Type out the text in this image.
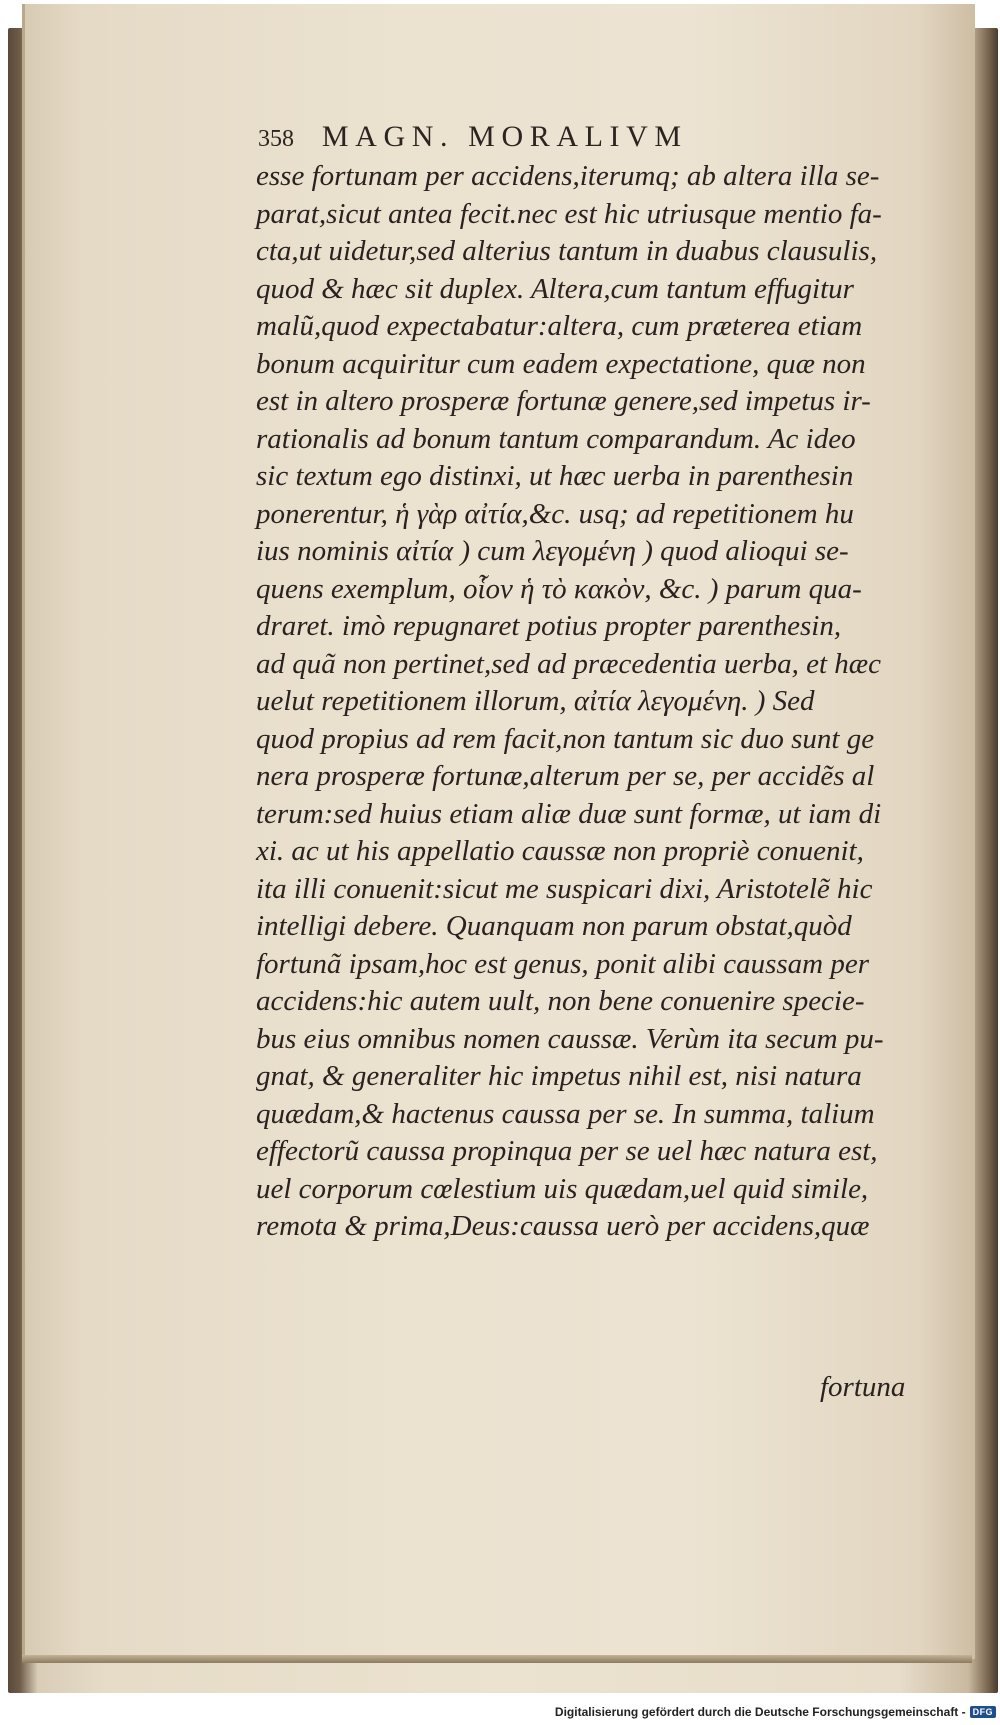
358 MAGN. MORALIVM
esse fortunam per accidens,iterumq; ab altera illa se-
parat,sicut antea fecit.nec est hic utriusque mentio fa-
cta,ut uidetur,sed alterius tantum in duabus clausulis,
quod & hæc sit duplex. Altera,cum tantum effugitur
malũ,quod expectabatur:altera, cum præterea etiam
bonum acquiritur cum eadem expectatione, quæ non
est in altero prosperæ fortunæ genere,sed impetus ir-
rationalis ad bonum tantum comparandum. Ac ideo
sic textum ego distinxi, ut hæc uerba in parenthesin
ponerentur, ἡ γὰρ αἰτία,&c. usq; ad repetitionem hu
ius nominis αἰτία ) cum λεγομένη ) quod alioqui se-
quens exemplum, οἷον ἡ τὸ κακὸν, &c. ) parum qua-
draret. imò repugnaret potius propter parenthesin,
ad quã non pertinet,sed ad præcedentia uerba, et hæc
uelut repetitionem illorum, αἰτία λεγομένη. ) Sed
quod propius ad rem facit,non tantum sic duo sunt ge
nera prosperæ fortunæ,alterum per se, per accidẽs al
terum:sed huius etiam aliæ duæ sunt formæ, ut iam di
xi. ac ut his appellatio caussæ non propriè conuenit,
ita illi conuenit:sicut me suspicari dixi, Aristotelẽ hic
intelligi debere. Quanquam non parum obstat,quòd
fortunã ipsam,hoc est genus, ponit alibi caussam per
accidens:hic autem uult, non bene conuenire specie-
bus eius omnibus nomen caussæ. Verùm ita secum pu-
gnat, & generaliter hic impetus nihil est, nisi natura
quædam,& hactenus caussa per se. In summa, talium
effectorũ caussa propinqua per se uel hæc natura est,
uel corporum cœlestium uis quædam,uel quid simile,
remota & prima,Deus:caussa uerò per accidens,quæ
fortuna
Digitalisierung gefördert durch die Deutsche Forschungsgemeinschaft - DFG
